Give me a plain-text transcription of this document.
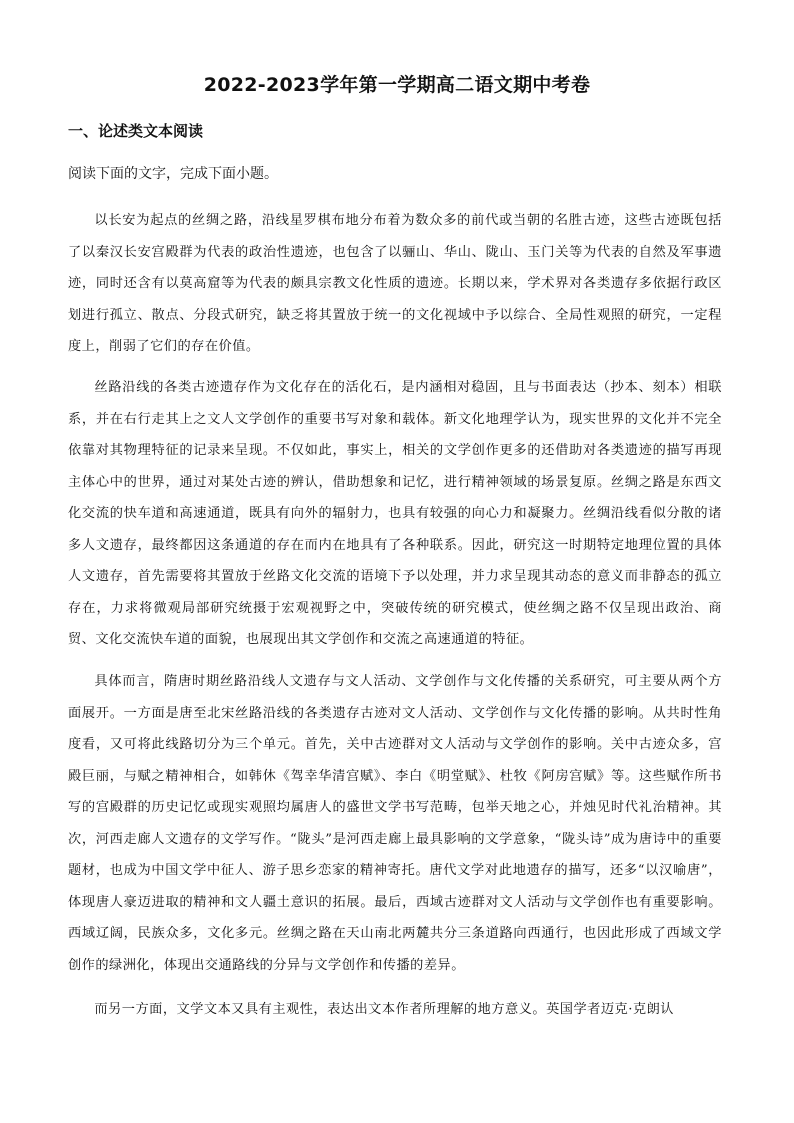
2022-2023学年第一学期高二语文期中考卷
一、论述类文本阅读
阅读下面的文字，完成下面小题。

以长安为起点的丝绸之路，沿线星罗棋布地分布着为数众多的前代或当朝的名胜古迹，这些古迹既包括了以秦汉长安宫殿群为代表的政治性遗迹，也包含了以骊山、华山、陇山、玉门关等为代表的自然及军事遗迹，同时还含有以莫高窟等为代表的颇具宗教文化性质的遗迹。长期以来，学术界对各类遗存多依据行政区划进行孤立、散点、分段式研究，缺乏将其置放于统一的文化视域中予以综合、全局性观照的研究，一定程度上，削弱了它们的存在价值。

丝路沿线的各类古迹遗存作为文化存在的活化石，是内涵相对稳固，且与书面表达（抄本、刻本）相联系，并在右行走其上之文人文学创作的重要书写对象和载体。新文化地理学认为，现实世界的文化并不完全依靠对其物理特征的记录来呈现。不仅如此，事实上，相关的文学创作更多的还借助对各类遗迹的描写再现主体心中的世界，通过对某处古迹的辨认，借助想象和记忆，进行精神领域的场景复原。丝绸之路是东西文化交流的快车道和高速通道，既具有向外的辐射力，也具有较强的向心力和凝聚力。丝绸沿线看似分散的诸多人文遗存，最终都因这条通道的存在而内在地具有了各种联系。因此，研究这一时期特定地理位置的具体人文遗存，首先需要将其置放于丝路文化交流的语境下予以处理，并力求呈现其动态的意义而非静态的孤立存在，力求将微观局部研究统摄于宏观视野之中，突破传统的研究模式，使丝绸之路不仅呈现出政治、商贸、文化交流快车道的面貌，也展现出其文学创作和交流之高速通道的特征。

具体而言，隋唐时期丝路沿线人文遗存与文人活动、文学创作与文化传播的关系研究，可主要从两个方面展开。一方面是唐至北宋丝路沿线的各类遗存古迹对文人活动、文学创作与文化传播的影响。从共时性角度看，又可将此线路切分为三个单元。首先，关中古迹群对文人活动与文学创作的影响。关中古迹众多，宫殿巨丽，与赋之精神相合，如韩休《驾幸华清宫赋》、李白《明堂赋》、杜牧《阿房宫赋》等。这些赋作所书写的宫殿群的历史记忆或现实观照均属唐人的盛世文学书写范畴，包举天地之心，并烛见时代礼治精神。其次，河西走廊人文遗存的文学写作。“陇头”是河西走廊上最具影响的文学意象，“陇头诗”成为唐诗中的重要题材，也成为中国文学中征人、游子思乡恋家的精神寄托。唐代文学对此地遗存的描写，还多“以汉喻唐”，体现唐人豪迈进取的精神和文人疆土意识的拓展。最后，西域古迹群对文人活动与文学创作也有重要影响。西域辽阔，民族众多，文化多元。丝绸之路在天山南北两麓共分三条道路向西通行，也因此形成了西域文学创作的绿洲化，体现出交通路线的分异与文学创作和传播的差异。

而另一方面，文学文本又具有主观性，表达出文本作者所理解的地方意义。英国学者迈克·克朗认
